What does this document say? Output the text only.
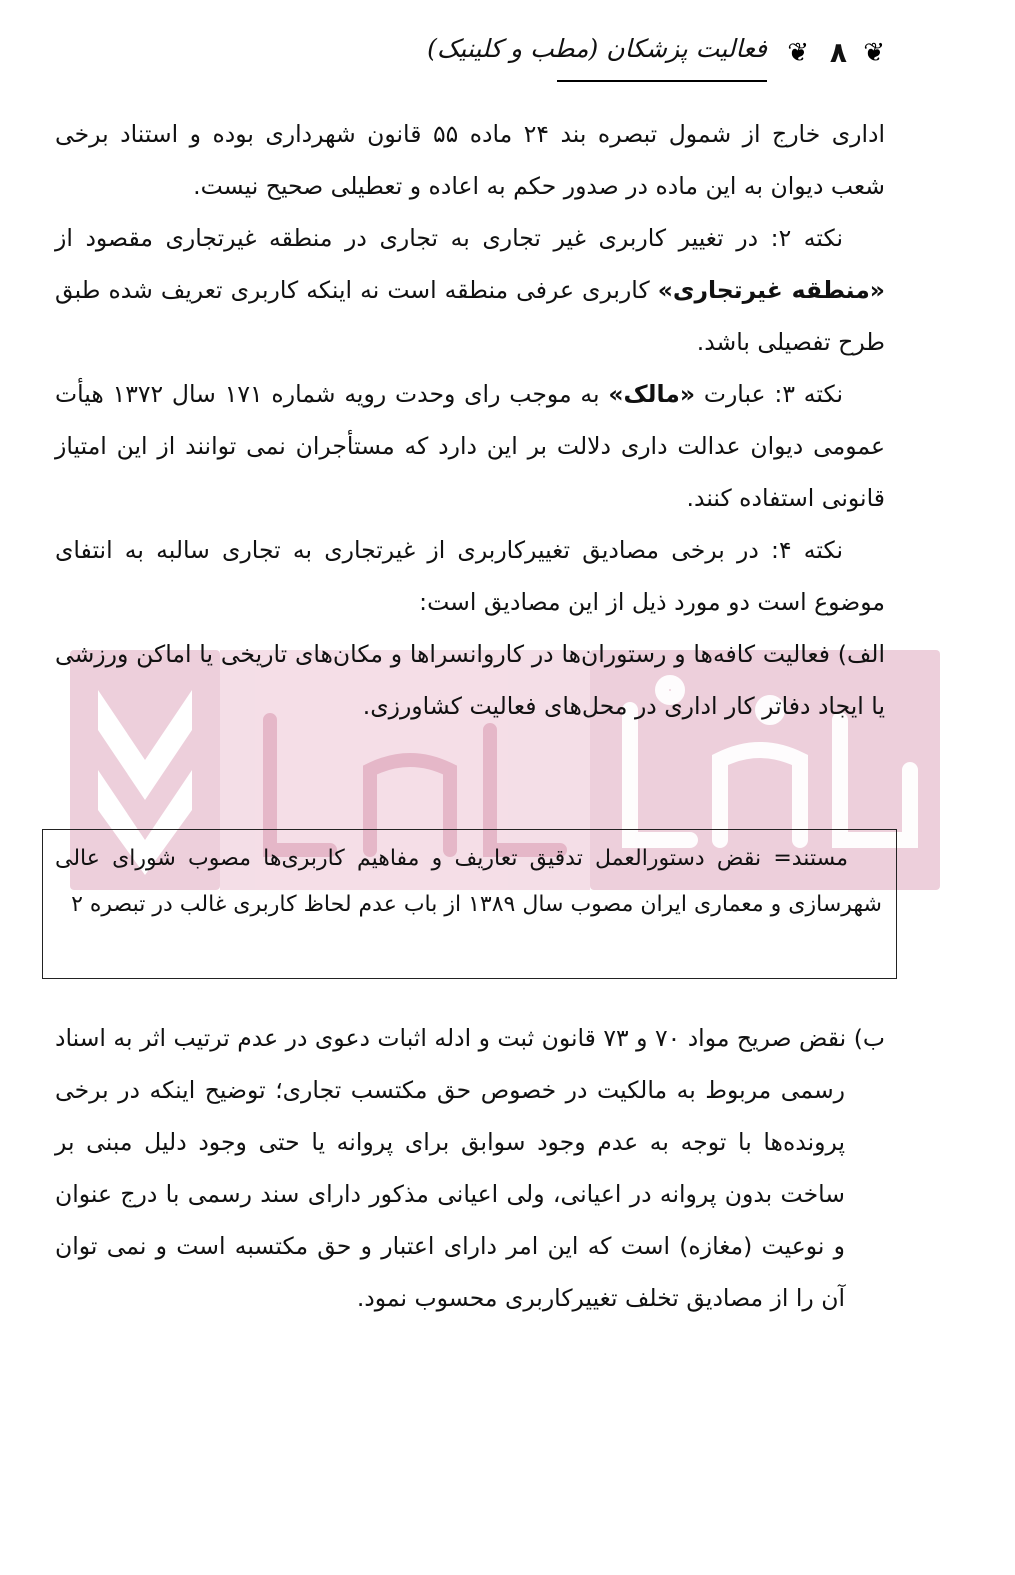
❦
۸
❦
فعالیت پزشکان (مطب و کلینیک)

اداری خارج از شمول تبصره بند ۲۴ ماده ۵۵ قانون شهرداری بوده و استناد برخی شعب دیوان به این ماده در صدور حکم به اعاده و تعطیلی صحیح نیست.

نکته ۲: در تغییر کاربری غیر تجاری به تجاری در منطقه غیرتجاری مقصود از «منطقه غیرتجاری» کاربری عرفی منطقه است نه اینکه کاربری تعریف شده طبق طرح تفصیلی باشد.

نکته ۳: عبارت «مالک» به موجب رای وحدت رویه شماره ۱۷۱ سال ۱۳۷۲ هیأت عمومی دیوان عدالت داری دلالت بر این دارد که مستأجران نمی توانند از این امتیاز قانونی استفاده کنند.

نکته ۴: در برخی مصادیق تغییرکاربری از غیرتجاری به تجاری سالبه به انتفای موضوع است دو مورد ذیل از این مصادیق است:

الف) فعالیت کافه‌ها و رستوران‌ها در کاروانسراها و مکان‌های تاریخی یا اماکن ورزشی یا ایجاد دفاتر کار اداری در محل‌های فعالیت کشاورزی.

مستند= نقض دستورالعمل تدقیق تعاریف و مفاهیم کاربری‌ها مصوب شورای عالی شهرسازی و معماری ایران مصوب سال ۱۳۸۹ از باب عدم لحاظ کاربری غالب در تبصره ۲

ب) نقض صریح مواد ۷۰ و ۷۳ قانون ثبت و ادله اثبات دعوی در عدم ترتیب اثر به اسناد رسمی مربوط به مالکیت در خصوص حق مکتسب تجاری؛ توضیح اینکه در برخی پرونده‌ها با توجه به عدم وجود سوابق برای پروانه یا حتی وجود دلیل مبنی بر ساخت بدون پروانه در اعیانی، ولی اعیانی مذکور دارای سند رسمی با درج عنوان و نوعیت (مغازه) است که این امر دارای اعتبار و حق مکتسبه است و نمی توان آن را از مصادیق تخلف تغییرکاربری محسوب نمود.
